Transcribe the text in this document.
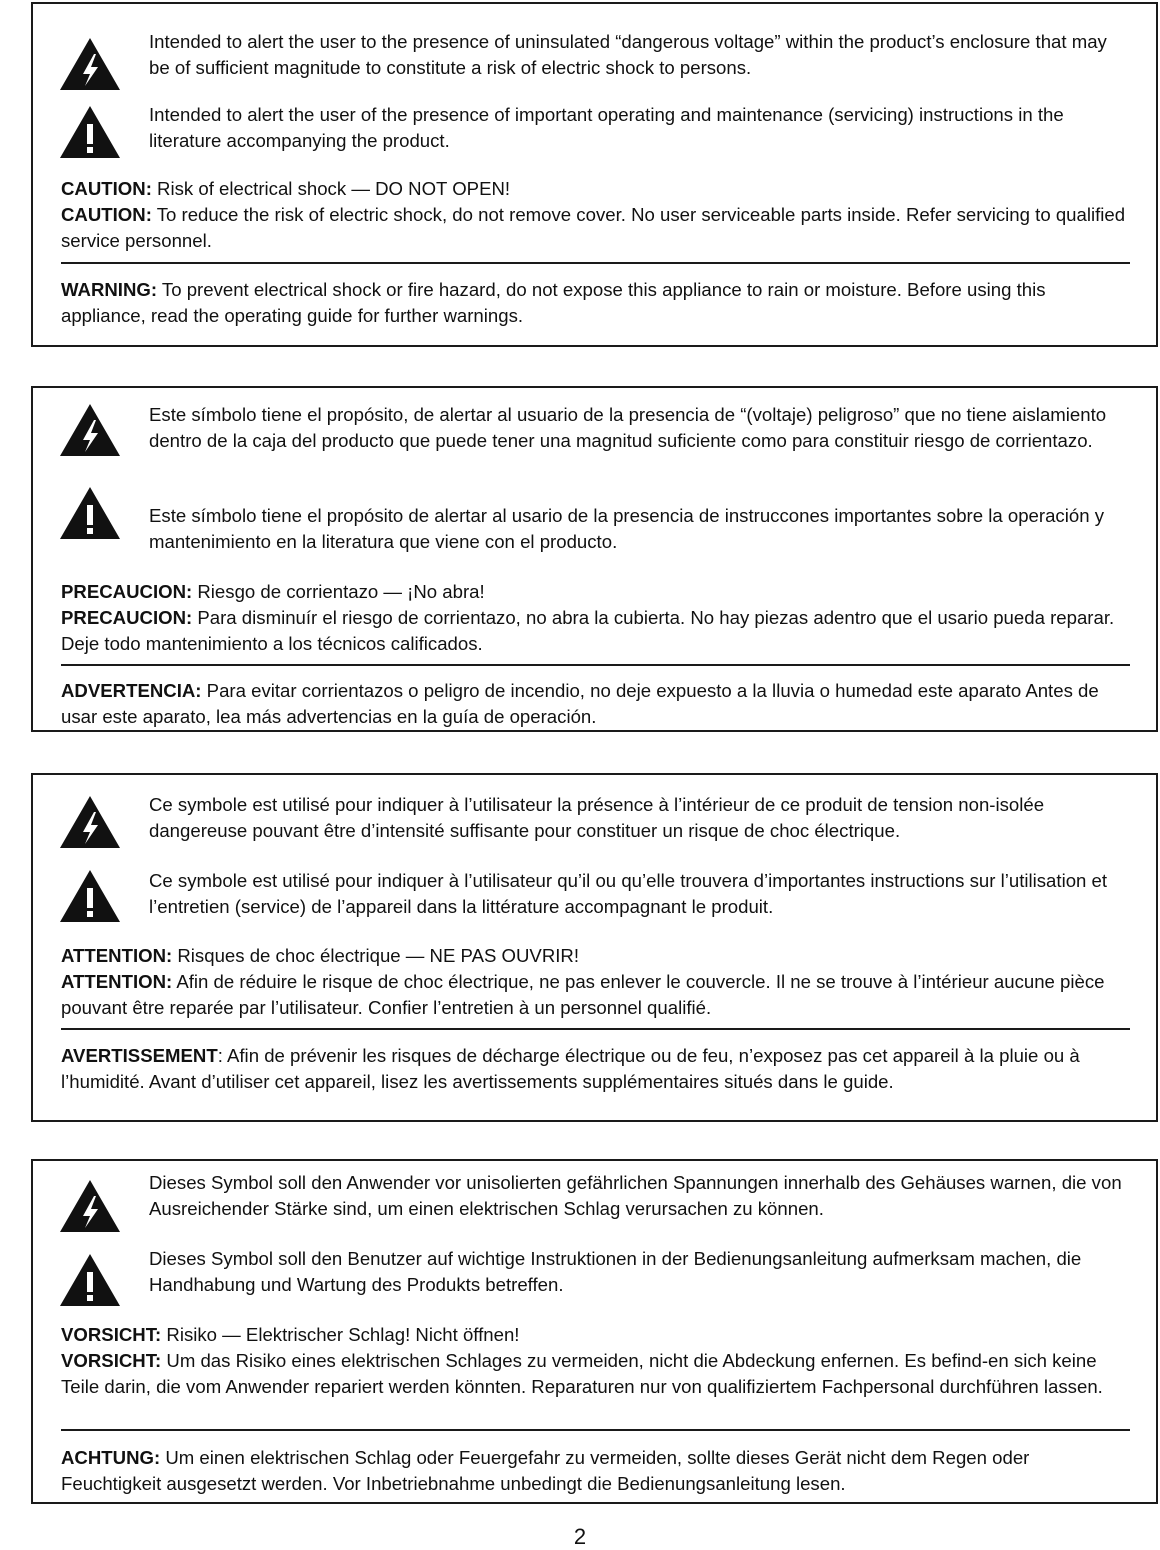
Intended to alert the user to the presence of uninsulated “dangerous voltage” within the product’s enclosure that may be of sufficient magnitude to constitute a risk of electric shock to persons.

Intended to alert the user of the presence of important operating and maintenance (servicing) instructions in the literature accompanying the product.

CAUTION: Risk of electrical shock — DO NOT OPEN!

CAUTION: To reduce the risk of electric shock, do not remove cover. No user serviceable parts inside. Refer servicing to qualified service personnel.

WARNING: To prevent electrical shock or fire hazard, do not expose this appliance to rain or moisture. Before using this appliance, read the operating guide for further warnings.

Este símbolo tiene el propósito, de alertar al usuario de la presencia de “(voltaje) peligroso” que no tiene aislamiento dentro de la caja del producto que puede tener una magnitud suficiente como para constituir riesgo de corrientazo.

Este símbolo tiene el propósito de alertar al usario de la presencia de instruccones importantes sobre la operación y mantenimiento en la literatura que viene con el producto.

PRECAUCION: Riesgo de corrientazo — ¡No abra!

PRECAUCION: Para disminuír el riesgo de corrientazo, no abra la cubierta. No hay piezas adentro que el usario pueda reparar. Deje todo mantenimiento a los técnicos calificados.

ADVERTENCIA: Para evitar corrientazos o peligro de incendio, no deje expuesto a la lluvia o humedad este aparato Antes de usar este aparato, lea más advertencias en la guía de operación.

Ce symbole est utilisé pour indiquer à l’utilisateur la présence à l’intérieur de ce produit de tension non-isolée dangereuse pouvant être d’intensité suffisante pour constituer un risque de choc électrique.

Ce symbole est utilisé pour indiquer à l’utilisateur qu’il ou qu’elle trouvera d’importantes instructions sur l’utilisation et l’entretien (service) de l’appareil dans la littérature accompagnant le produit.

ATTENTION: Risques de choc électrique — NE PAS OUVRIR!

ATTENTION: Afin de réduire le risque de choc électrique, ne pas enlever le couvercle. Il ne se trouve à l’intérieur aucune pièce pouvant être reparée par l’utilisateur. Confier l’entretien à un personnel qualifié.

AVERTISSEMENT: Afin de prévenir les risques de décharge électrique ou de feu, n’exposez pas cet appareil à la pluie ou à l’humidité. Avant d’utiliser cet appareil, lisez les avertissements supplémentaires situés dans le guide.

Dieses Symbol soll den Anwender vor unisolierten gefährlichen Spannungen innerhalb des Gehäuses warnen, die von Ausreichender Stärke sind, um einen elektrischen Schlag verursachen zu können.

Dieses Symbol soll den Benutzer auf wichtige Instruktionen in der Bedienungsanleitung aufmerksam machen, die Handhabung und Wartung des Produkts betreffen.

VORSICHT: Risiko — Elektrischer Schlag! Nicht öffnen!

VORSICHT: Um das Risiko eines elektrischen Schlages zu vermeiden, nicht die Abdeckung enfernen. Es befind-en sich keine Teile darin, die vom Anwender repariert werden könnten. Reparaturen nur von qualifiziertem Fachpersonal durchführen lassen.

ACHTUNG: Um einen elektrischen Schlag oder Feuergefahr zu vermeiden, sollte dieses Gerät nicht dem Regen oder Feuchtigkeit ausgesetzt werden. Vor Inbetriebnahme unbedingt die Bedienungsanleitung lesen.

2
